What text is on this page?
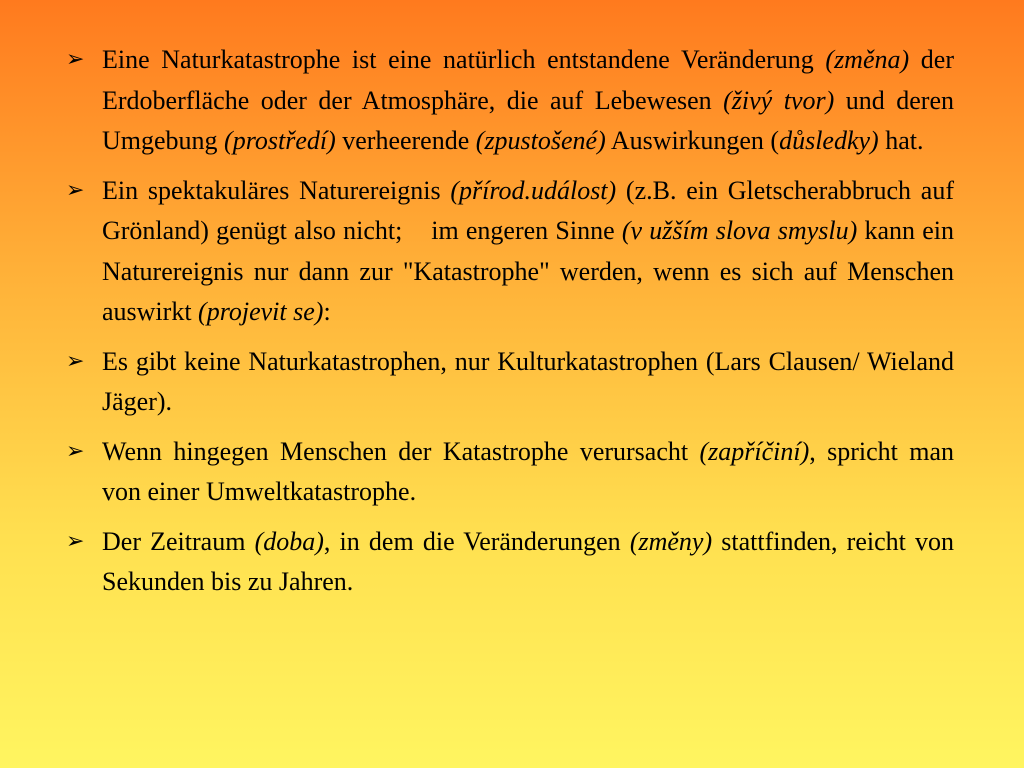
➢ Eine Naturkatastrophe ist eine natürlich entstandene Veränderung (změna) der Erdoberfläche oder der Atmosphäre, die auf Lebewesen (živý tvor) und deren Umgebung (prostředí) verheerende (zpustošené) Auswirkungen (důsledky) hat.
➢ Ein spektakuläres Naturereignis (přírod.událost) (z.B. ein Gletscherabbruch auf Grönland) genügt also nicht;    im engeren Sinne (v užším slova smyslu) kann ein Naturereignis nur dann zur "Katastrophe" werden, wenn es sich auf Menschen auswirkt (projevit se):
➢ Es gibt keine Naturkatastrophen, nur Kulturkatastrophen (Lars Clausen/ Wieland Jäger).
➢ Wenn hingegen Menschen der Katastrophe verursacht (zapříčiní), spricht man von einer Umweltkatastrophe.
➢ Der Zeitraum (doba), in dem die Veränderungen (změny) stattfinden, reicht von Sekunden bis zu Jahren.
